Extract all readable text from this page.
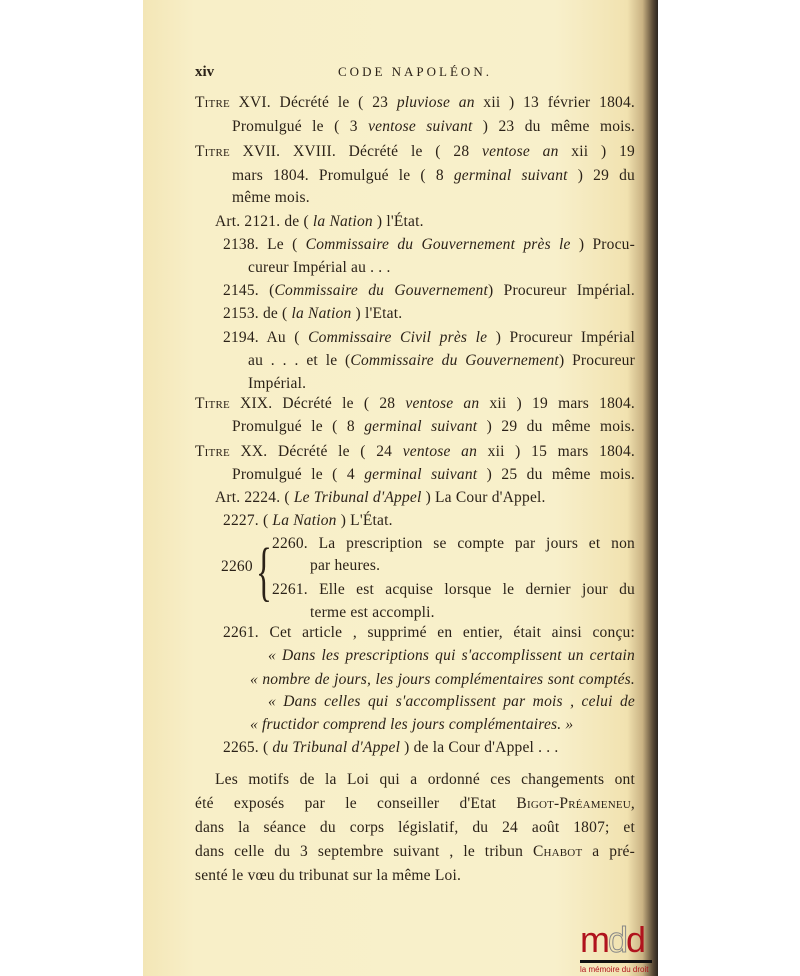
xiv	CODE NAPOLÉON.
Titre XVI. Décrété le ( 23 pluviose an xii ) 13 février 1804.
Promulgué le ( 3 ventose suivant ) 23 du même mois.
Titre XVII. XVIII. Décrété le ( 28 ventose an xii ) 19
mars 1804. Promulgué le ( 8 germinal suivant ) 29 du
même mois.
Art. 2121. de ( la Nation ) l'État.
2138. Le ( Commissaire du Gouvernement près le ) Procu-
cureur Impérial au . . .
2145. (Commissaire du Gouvernement) Procureur Impérial.
2153. de ( la Nation ) l'Etat.
2194. Au ( Commissaire Civil près le ) Procureur Impérial
au . . . et le (Commissaire du Gouvernement) Procureur
Impérial.
Titre XIX. Décrété le ( 28 ventose an xii ) 19 mars 1804.
Promulgué le ( 8 germinal suivant ) 29 du même mois.
Titre XX. Décrété le ( 24 ventose an xii ) 15 mars 1804.
Promulgué le ( 4 germinal suivant ) 25 du même mois.
Art. 2224. ( Le Tribunal d'Appel ) La Cour d'Appel.
2227. ( La Nation ) L'État.
2260. La prescription se compte par jours et non
par heures.
2261. Elle est acquise lorsque le dernier jour du
terme est accompli.
2261. Cet article , supprimé en entier, était ainsi conçu:
« Dans les prescriptions qui s'accomplissent un certain
« nombre de jours, les jours complémentaires sont comptés.
« Dans celles qui s'accomplissent par mois , celui de
« fructidor comprend les jours complémentaires. »
2265. ( du Tribunal d'Appel ) de la Cour d'Appel . . .
Les motifs de la Loi qui a ordonné ces changements ont
été exposés par le conseiller d'Etat Bigot-Préameneu,
dans la séance du corps législatif, du 24 août 1807; et
dans celle du 3 septembre suivant , le tribun Chabot a pré-
senté le vœu du tribunat sur la même Loi.
{
2260
mdd
la mémoire du droit
